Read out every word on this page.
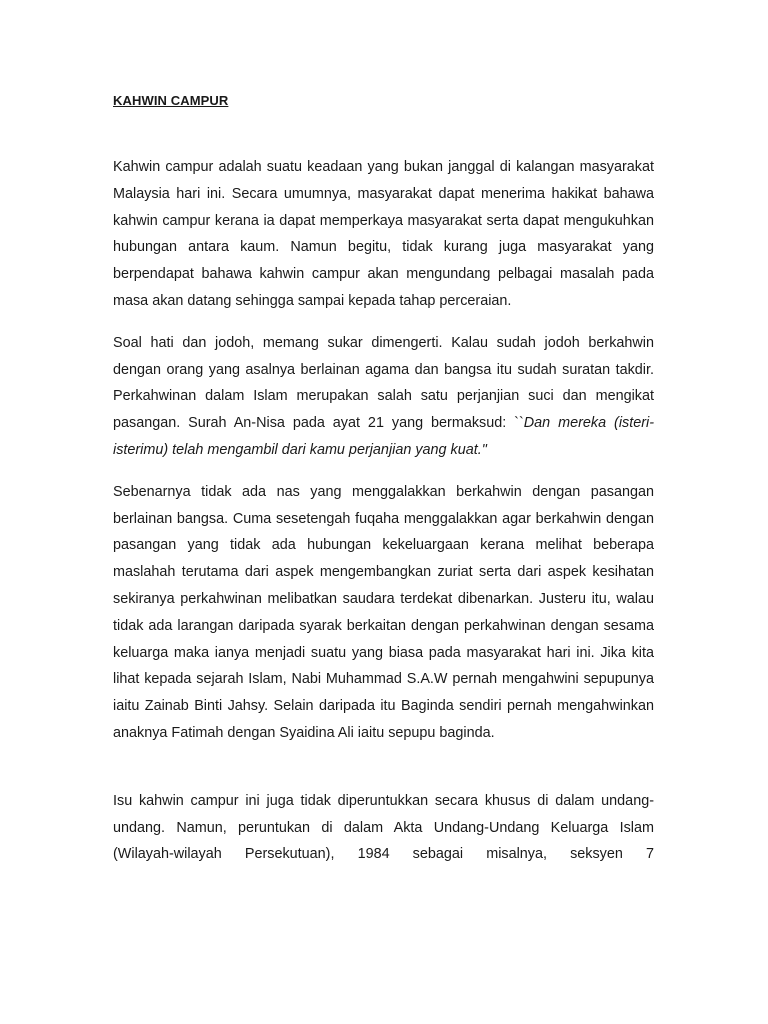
KAHWIN CAMPUR

Kahwin campur adalah suatu keadaan yang bukan janggal di kalangan masyarakat Malaysia hari ini. Secara umumnya, masyarakat dapat menerima hakikat bahawa kahwin campur kerana ia dapat memperkaya masyarakat serta dapat mengukuhkan hubungan antara kaum. Namun begitu, tidak kurang juga masyarakat yang berpendapat bahawa kahwin campur akan mengundang pelbagai masalah pada masa akan datang sehingga sampai kepada tahap perceraian.

Soal hati dan jodoh, memang sukar dimengerti. Kalau sudah jodoh berkahwin dengan orang yang asalnya berlainan agama dan bangsa itu sudah suratan takdir. Perkahwinan dalam Islam merupakan salah satu perjanjian suci dan mengikat pasangan. Surah An-Nisa pada ayat 21 yang bermaksud: ``Dan mereka (isteri-isterimu) telah mengambil dari kamu perjanjian yang kuat."

Sebenarnya tidak ada nas yang menggalakkan berkahwin dengan pasangan berlainan bangsa. Cuma sesetengah fuqaha menggalakkan agar berkahwin dengan pasangan yang tidak ada hubungan kekeluargaan kerana melihat beberapa maslahah terutama dari aspek mengembangkan zuriat serta dari aspek kesihatan sekiranya perkahwinan melibatkan saudara terdekat dibenarkan. Justeru itu, walau tidak ada larangan daripada syarak berkaitan dengan perkahwinan dengan sesama keluarga maka ianya menjadi suatu yang biasa pada masyarakat hari ini. Jika kita lihat kepada sejarah Islam, Nabi Muhammad S.A.W pernah mengahwini sepupunya iaitu Zainab Binti Jahsy. Selain daripada itu Baginda sendiri pernah mengahwinkan anaknya Fatimah dengan Syaidina Ali iaitu sepupu baginda.

Isu kahwin campur ini juga tidak diperuntukkan secara khusus di dalam undang-undang. Namun, peruntukan di dalam Akta Undang-Undang Keluarga Islam (Wilayah-wilayah Persekutuan), 1984 sebagai misalnya, seksyen 7
